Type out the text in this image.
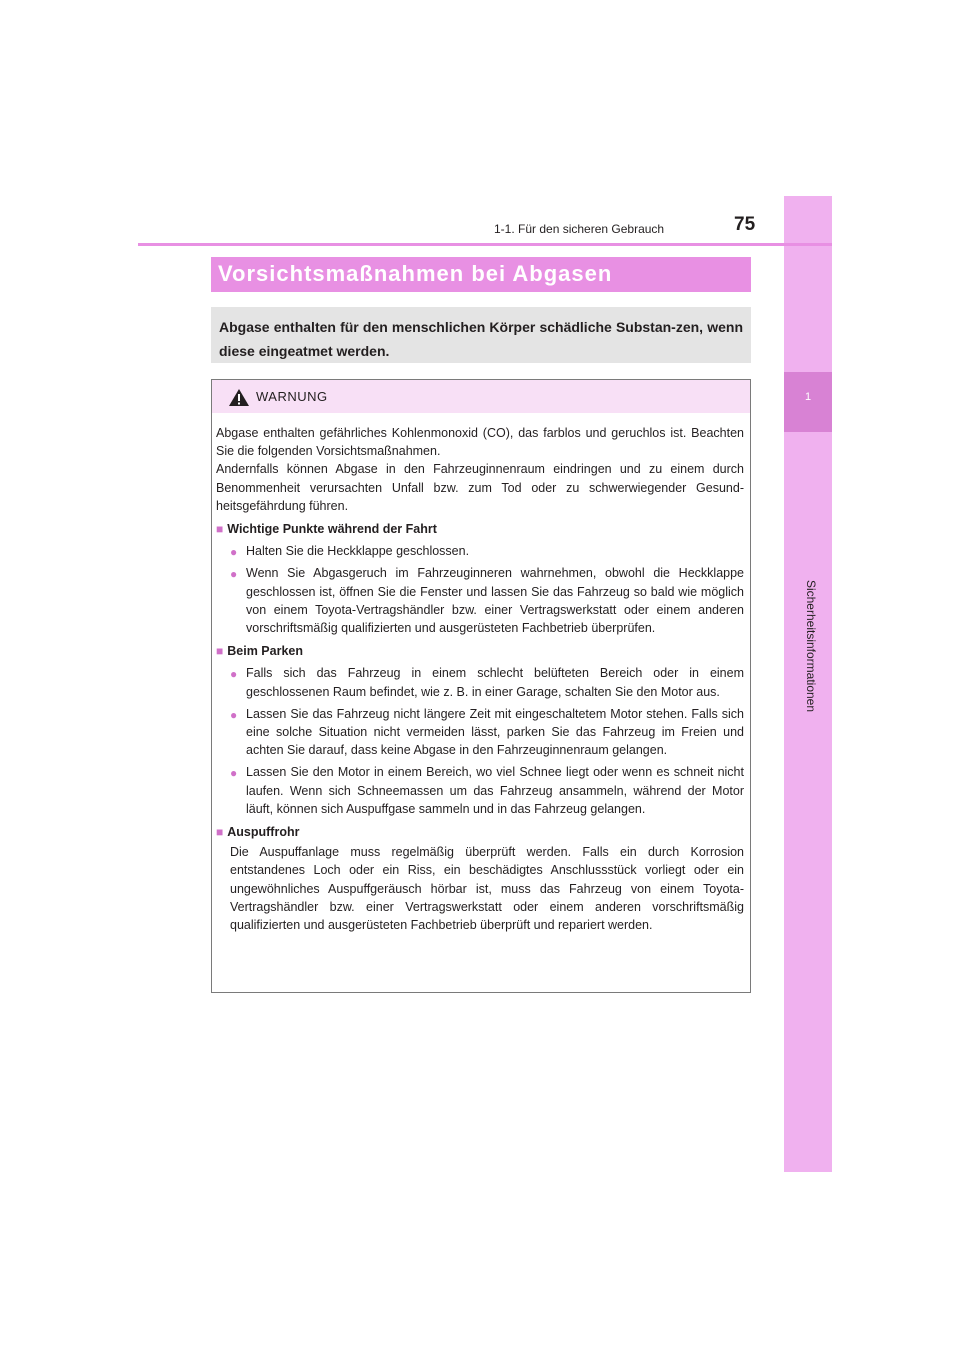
1
Sicherheitsinformationen
1-1. Für den sicheren Gebrauch	75
Vorsichtsmaßnahmen bei Abgasen
Abgase enthalten für den menschlichen Körper schädliche Substan-zen, wenn diese eingeatmet werden.
WARNUNG

Abgase enthalten gefährliches Kohlenmonoxid (CO), das farblos und geruchlos ist. Beachten Sie die folgenden Vorsichtsmaßnahmen.

Andernfalls können Abgase in den Fahrzeuginnenraum eindringen und zu einem durch Benommenheit verursachten Unfall bzw. zum Tod oder zu schwerwiegender Gesund-heitsgefährdung führen.

■ Wichtige Punkte während der Fahrt
● Halten Sie die Heckklappe geschlossen.
● Wenn Sie Abgasgeruch im Fahrzeuginneren wahrnehmen, obwohl die Heckklappe geschlossen ist, öffnen Sie die Fenster und lassen Sie das Fahrzeug so bald wie möglich von einem Toyota-Vertragshändler bzw. einer Vertragswerkstatt oder einem anderen vorschriftsmäßig qualifizierten und ausgerüsteten Fachbetrieb überprüfen.
■ Beim Parken
● Falls sich das Fahrzeug in einem schlecht belüfteten Bereich oder in einem geschlossenen Raum befindet, wie z. B. in einer Garage, schalten Sie den Motor aus.
● Lassen Sie das Fahrzeug nicht längere Zeit mit eingeschaltetem Motor stehen. Falls sich eine solche Situation nicht vermeiden lässt, parken Sie das Fahrzeug im Freien und achten Sie darauf, dass keine Abgase in den Fahrzeuginnenraum gelangen.
● Lassen Sie den Motor in einem Bereich, wo viel Schnee liegt oder wenn es schneit nicht laufen. Wenn sich Schneemassen um das Fahrzeug ansammeln, während der Motor läuft, können sich Auspuffgase sammeln und in das Fahrzeug gelangen.
■ Auspuffrohr
Die Auspuffanlage muss regelmäßig überprüft werden. Falls ein durch Korrosion entstandenes Loch oder ein Riss, ein beschädigtes Anschlussstück vorliegt oder ein ungewöhnliches Auspuffgeräusch hörbar ist, muss das Fahrzeug von einem Toyota-Vertragshändler bzw. einer Vertragswerkstatt oder einem anderen vorschriftsmäßig qualifizierten und ausgerüsteten Fachbetrieb überprüft und repariert werden.
